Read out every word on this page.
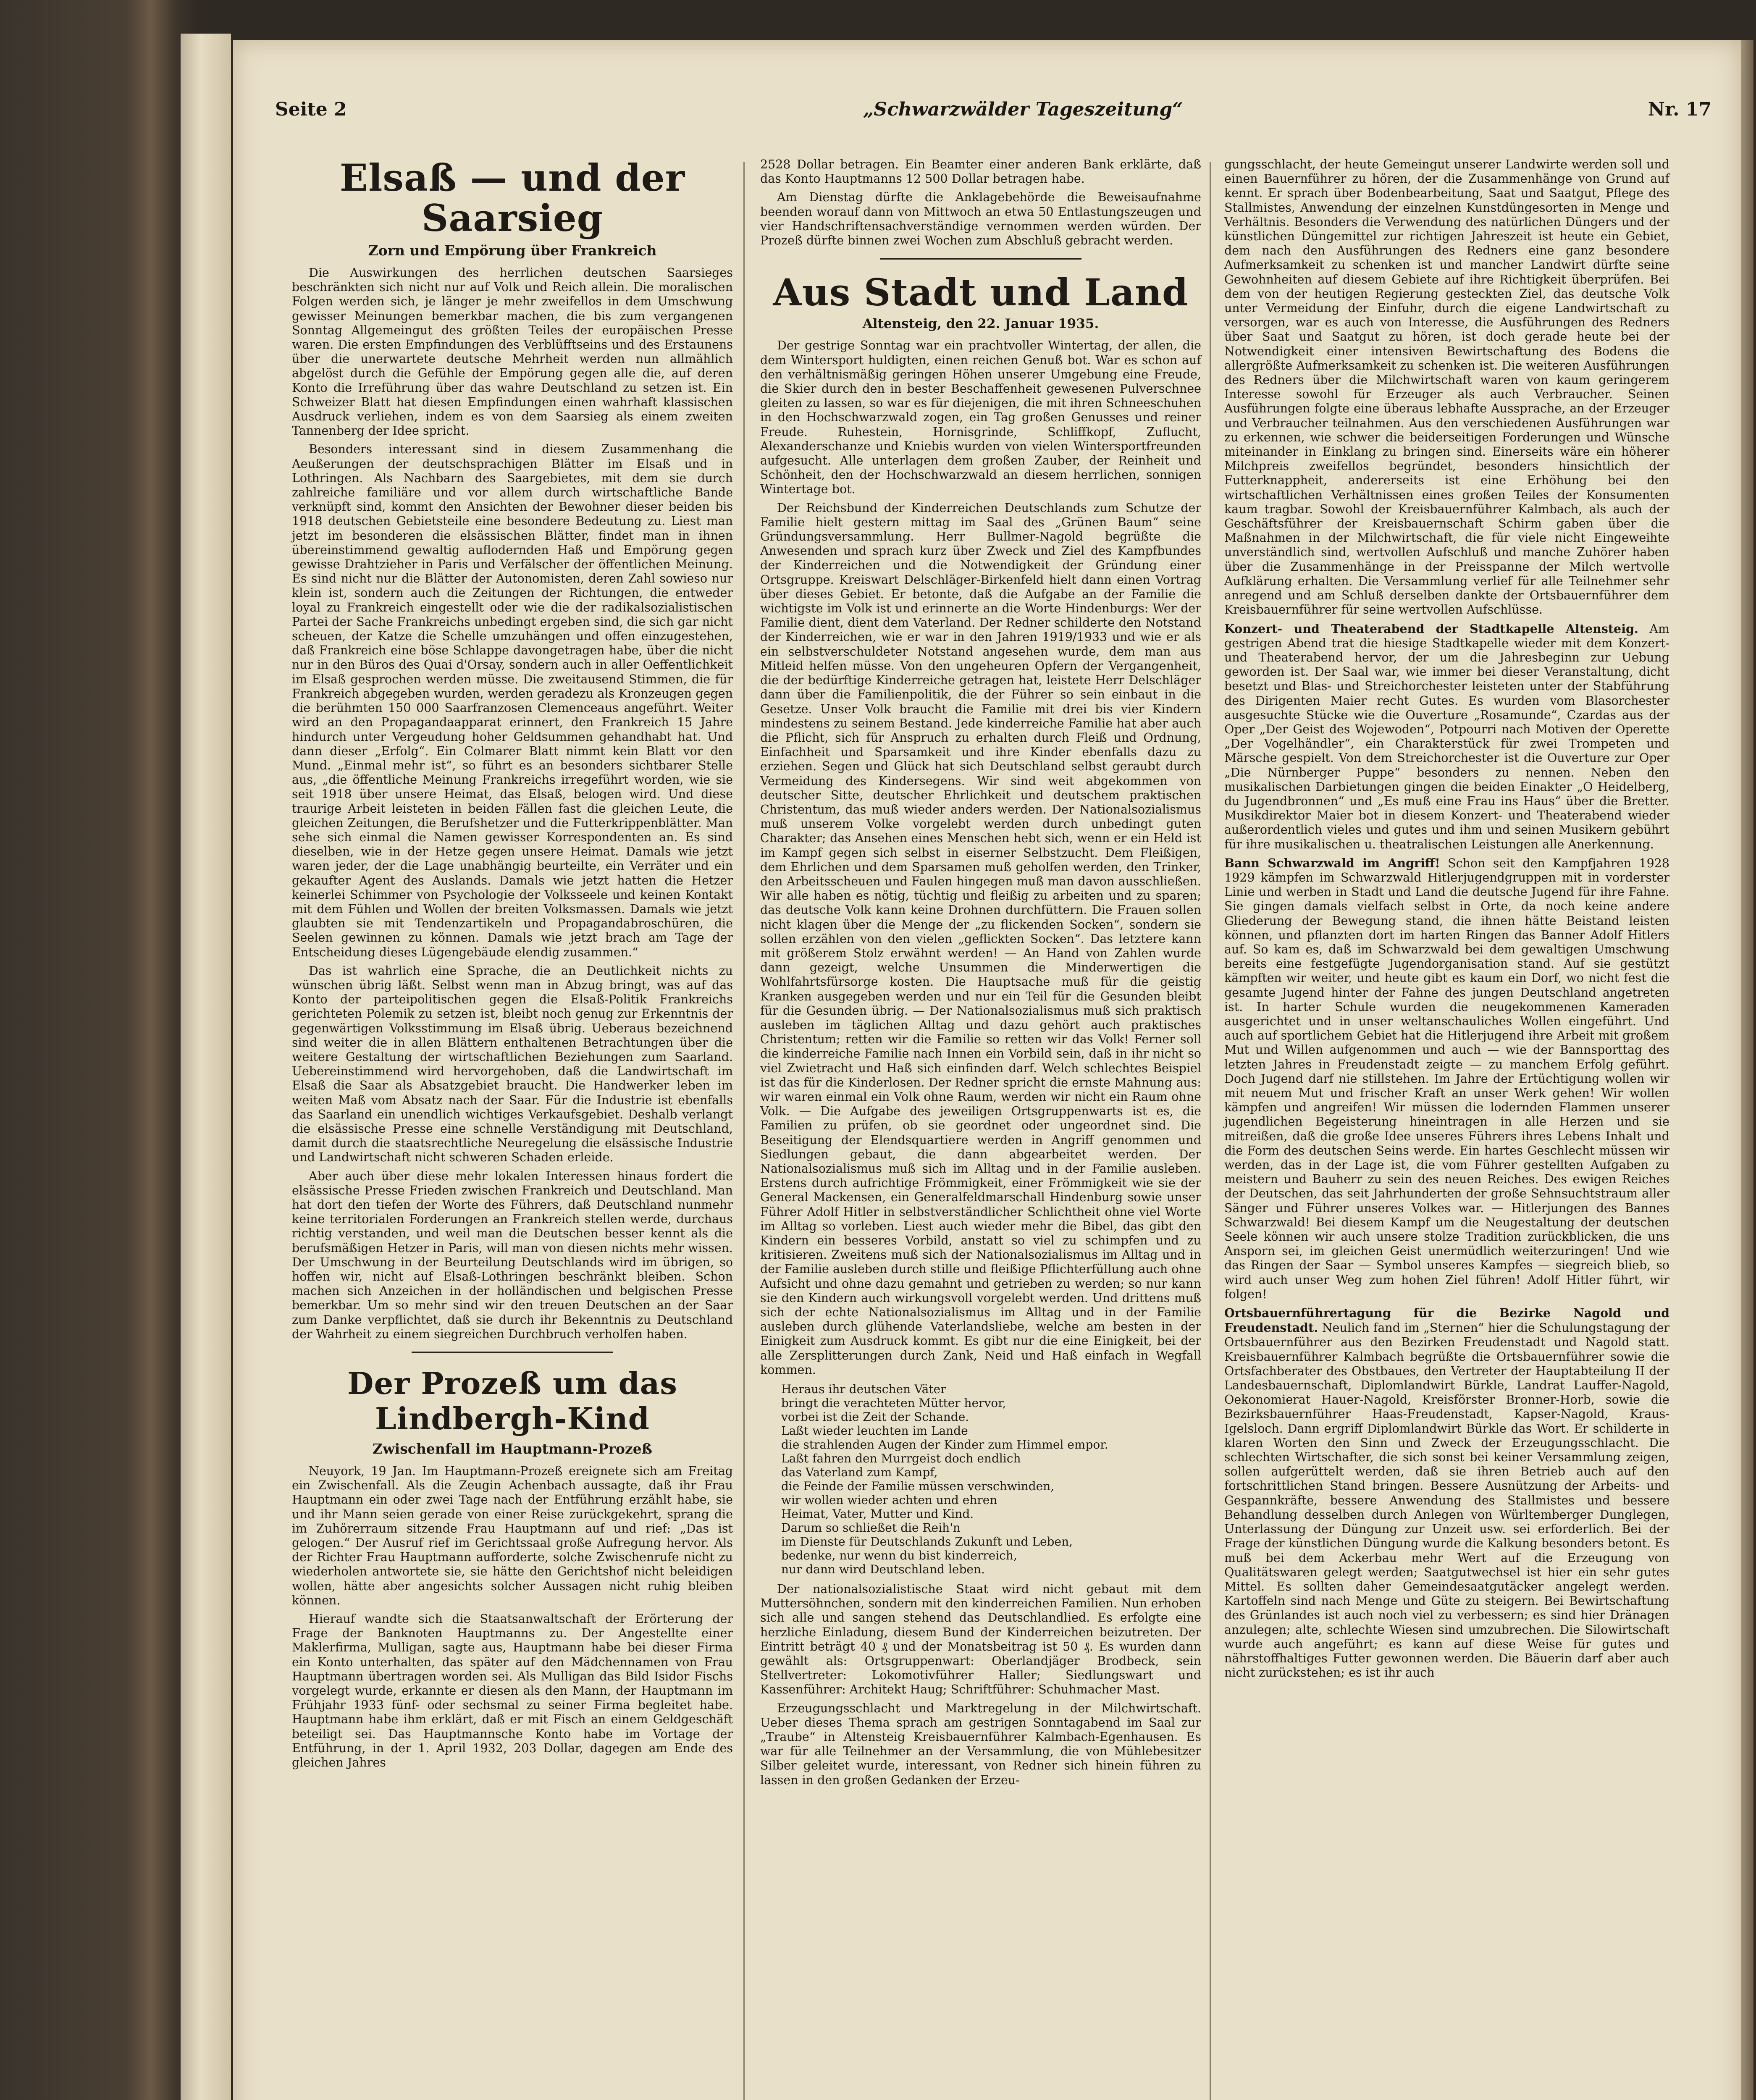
Seite 2	„Schwarzwälder Tageszeitung“	Nr. 17
Elsaß — und der Saarsieg
Zorn und Empörung über Frankreich

Die Auswirkungen des herrlichen deutschen Saarsieges beschränkten sich nicht nur auf Volk und Reich allein. Die moralischen Folgen werden sich, je länger je mehr zweifellos in dem Umschwung gewisser Meinungen bemerkbar machen, die bis zum vergangenen Sonntag Allgemeingut des größten Teiles der europäischen Presse waren. Die ersten Empfindungen des Verblüfftseins und des Erstaunens über die unerwartete deutsche Mehrheit werden nun allmählich abgelöst durch die Gefühle der Empörung gegen alle die, auf deren Konto die Irreführung über das wahre Deutschland zu setzen ist. Ein Schweizer Blatt hat diesen Empfindungen einen wahrhaft klassischen Ausdruck verliehen, indem es von dem Saarsieg als einem zweiten Tannenberg der Idee spricht.

Besonders interessant sind in diesem Zusammenhang die Aeußerungen der deutschsprachigen Blätter im Elsaß und in Lothringen. Als Nachbarn des Saargebietes, mit dem sie durch zahlreiche familiäre und vor allem durch wirtschaftliche Bande verknüpft sind, kommt den Ansichten der Bewohner dieser beiden bis 1918 deutschen Gebietsteile eine besondere Bedeutung zu. Liest man jetzt im besonderen die elsässischen Blätter, findet man in ihnen übereinstimmend gewaltig auflodernden Haß und Empörung gegen gewisse Drahtzieher in Paris und Verfälscher der öffentlichen Meinung. Es sind nicht nur die Blätter der Autonomisten, deren Zahl sowieso nur klein ist, sondern auch die Zeitungen der Richtungen, die entweder loyal zu Frankreich eingestellt oder wie die der radikalsozialistischen Partei der Sache Frankreichs unbedingt ergeben sind, die sich gar nicht scheuen, der Katze die Schelle umzuhängen und offen einzugestehen, daß Frankreich eine böse Schlappe davongetragen habe, über die nicht nur in den Büros des Quai d'Orsay, sondern auch in aller Oeffentlichkeit im Elsaß gesprochen werden müsse. Die zweitausend Stimmen, die für Frankreich abgegeben wurden, werden geradezu als Kronzeugen gegen die berühmten 150 000 Saarfranzosen Clemenceaus angeführt. Weiter wird an den Propagandaapparat erinnert, den Frankreich 15 Jahre hindurch unter Vergeudung hoher Geldsummen gehandhabt hat. Und dann dieser „Erfolg“. Ein Colmarer Blatt nimmt kein Blatt vor den Mund. „Einmal mehr ist“, so führt es an besonders sichtbarer Stelle aus, „die öffentliche Meinung Frankreichs irregeführt worden, wie sie seit 1918 über unsere Heimat, das Elsaß, belogen wird. Und diese traurige Arbeit leisteten in beiden Fällen fast die gleichen Leute, die gleichen Zeitungen, die Berufshetzer und die Futterkrippenblätter. Man sehe sich einmal die Namen gewisser Korrespondenten an. Es sind dieselben, wie in der Hetze gegen unsere Heimat. Damals wie jetzt waren jeder, der die Lage unabhängig beurteilte, ein Verräter und ein gekaufter Agent des Auslands. Damals wie jetzt hatten die Hetzer keinerlei Schimmer von Psychologie der Volksseele und keinen Kontakt mit dem Fühlen und Wollen der breiten Volksmassen. Damals wie jetzt glaubten sie mit Tendenzartikeln und Propagandabroschüren, die Seelen gewinnen zu können. Damals wie jetzt brach am Tage der Entscheidung dieses Lügengebäude elendig zusammen.“

Das ist wahrlich eine Sprache, die an Deutlichkeit nichts zu wünschen übrig läßt. Selbst wenn man in Abzug bringt, was auf das Konto der parteipolitischen gegen die Elsaß-Politik Frankreichs gerichteten Polemik zu setzen ist, bleibt noch genug zur Erkenntnis der gegenwärtigen Volksstimmung im Elsaß übrig. Ueberaus bezeichnend sind weiter die in allen Blättern enthaltenen Betrachtungen über die weitere Gestaltung der wirtschaftlichen Beziehungen zum Saarland. Uebereinstimmend wird hervorgehoben, daß die Landwirtschaft im Elsaß die Saar als Absatzgebiet braucht. Die Handwerker leben im weiten Maß vom Absatz nach der Saar. Für die Industrie ist ebenfalls das Saarland ein unendlich wichtiges Verkaufsgebiet. Deshalb verlangt die elsässische Presse eine schnelle Verständigung mit Deutschland, damit durch die staatsrechtliche Neuregelung die elsässische Industrie und Landwirtschaft nicht schweren Schaden erleide.

Aber auch über diese mehr lokalen Interessen hinaus fordert die elsässische Presse Frieden zwischen Frankreich und Deutschland. Man hat dort den tiefen der Worte des Führers, daß Deutschland nunmehr keine territorialen Forderungen an Frankreich stellen werde, durchaus richtig verstanden, und weil man die Deutschen besser kennt als die berufsmäßigen Hetzer in Paris, will man von diesen nichts mehr wissen. Der Umschwung in der Beurteilung Deutschlands wird im übrigen, so hoffen wir, nicht auf Elsaß-Lothringen beschränkt bleiben. Schon machen sich Anzeichen in der holländischen und belgischen Presse bemerkbar. Um so mehr sind wir den treuen Deutschen an der Saar zum Danke verpflichtet, daß sie durch ihr Bekenntnis zu Deutschland der Wahrheit zu einem siegreichen Durchbruch verholfen haben.

Der Prozeß um das Lindbergh-Kind
Zwischenfall im Hauptmann-Prozeß

Neuyork, 19 Jan. Im Hauptmann-Prozeß ereignete sich am Freitag ein Zwischenfall. Als die Zeugin Achenbach aussagte, daß ihr Frau Hauptmann ein oder zwei Tage nach der Entführung erzählt habe, sie und ihr Mann seien gerade von einer Reise zurückgekehrt, sprang die im Zuhörerraum sitzende Frau Hauptmann auf und rief: „Das ist gelogen.“ Der Ausruf rief im Gerichtssaal große Aufregung hervor. Als der Richter Frau Hauptmann aufforderte, solche Zwischenrufe nicht zu wiederholen antwortete sie, sie hätte den Gerichtshof nicht beleidigen wollen, hätte aber angesichts solcher Aussagen nicht ruhig bleiben können.

Hierauf wandte sich die Staatsanwaltschaft der Erörterung der Frage der Banknoten Hauptmanns zu. Der Angestellte einer Maklerfirma, Mulligan, sagte aus, Hauptmann habe bei dieser Firma ein Konto unterhalten, das später auf den Mädchennamen von Frau Hauptmann übertragen worden sei. Als Mulligan das Bild Isidor Fischs vorgelegt wurde, erkannte er diesen als den Mann, der Hauptmann im Frühjahr 1933 fünf- oder sechsmal zu seiner Firma begleitet habe. Hauptmann habe ihm erklärt, daß er mit Fisch an einem Geldgeschäft beteiligt sei. Das Hauptmannsche Konto habe im Vortage der Entführung, in der 1. April 1932, 203 Dollar, dagegen am Ende des gleichen Jahres

2528 Dollar betragen. Ein Beamter einer anderen Bank erklärte, daß das Konto Hauptmanns 12 500 Dollar betragen habe.

Am Dienstag dürfte die Anklagebehörde die Beweisaufnahme beenden worauf dann von Mittwoch an etwa 50 Entlastungszeugen und vier Handschriftensachverständige vernommen werden würden. Der Prozeß dürfte binnen zwei Wochen zum Abschluß gebracht werden.

Aus Stadt und Land
Altensteig, den 22. Januar 1935.

Der gestrige Sonntag war ein prachtvoller Wintertag, der allen, die dem Wintersport huldigten, einen reichen Genuß bot. War es schon auf den verhältnismäßig geringen Höhen unserer Umgebung eine Freude, die Skier durch den in bester Beschaffenheit gewesenen Pulverschnee gleiten zu lassen, so war es für diejenigen, die mit ihren Schneeschuhen in den Hochschwarzwald zogen, ein Tag großen Genusses und reiner Freude. Ruhestein, Hornisgrinde, Schliffkopf, Zuflucht, Alexanderschanze und Kniebis wurden von vielen Wintersportfreunden aufgesucht. Alle unterlagen dem großen Zauber, der Reinheit und Schönheit, den der Hochschwarzwald an diesem herrlichen, sonnigen Wintertage bot.

Der Reichsbund der Kinderreichen Deutschlands zum Schutze der Familie hielt gestern mittag im Saal des „Grünen Baum“ seine Gründungsversammlung. Herr Bullmer-Nagold begrüßte die Anwesenden und sprach kurz über Zweck und Ziel des Kampfbundes der Kinderreichen und die Notwendigkeit der Gründung einer Ortsgruppe. Kreiswart Delschläger-Birkenfeld hielt dann einen Vortrag über dieses Gebiet. Er betonte, daß die Aufgabe an der Familie die wichtigste im Volk ist und erinnerte an die Worte Hindenburgs: Wer der Familie dient, dient dem Vaterland. Der Redner schilderte den Notstand der Kinderreichen, wie er war in den Jahren 1919/1933 und wie er als ein selbstverschuldeter Notstand angesehen wurde, dem man aus Mitleid helfen müsse. Von den ungeheuren Opfern der Vergangenheit, die der bedürftige Kinderreiche getragen hat, leistete Herr Delschläger dann über die Familienpolitik, die der Führer so sein einbaut in die Gesetze. Unser Volk braucht die Familie mit drei bis vier Kindern mindestens zu seinem Bestand. Jede kinderreiche Familie hat aber auch die Pflicht, sich für Anspruch zu erhalten durch Fleiß und Ordnung, Einfachheit und Sparsamkeit und ihre Kinder ebenfalls dazu zu erziehen. Segen und Glück hat sich Deutschland selbst geraubt durch Vermeidung des Kindersegens. Wir sind weit abgekommen von deutscher Sitte, deutscher Ehrlichkeit und deutschem praktischen Christentum, das muß wieder anders werden. Der Nationalsozialismus muß unserem Volke vorgelebt werden durch unbedingt guten Charakter; das Ansehen eines Menschen hebt sich, wenn er ein Held ist im Kampf gegen sich selbst in eiserner Selbstzucht. Dem Fleißigen, dem Ehrlichen und dem Sparsamen muß geholfen werden, den Trinker, den Arbeitsscheuen und Faulen hingegen muß man davon ausschließen. Wir alle haben es nötig, tüchtig und fleißig zu arbeiten und zu sparen; das deutsche Volk kann keine Drohnen durchfüttern. Die Frauen sollen nicht klagen über die Menge der „zu flickenden Socken“, sondern sie sollen erzählen von den vielen „geflickten Socken“. Das letztere kann mit größerem Stolz erwähnt werden! — An Hand von Zahlen wurde dann gezeigt, welche Unsummen die Minderwertigen die Wohlfahrtsfürsorge kosten. Die Hauptsache muß für die geistig Kranken ausgegeben werden und nur ein Teil für die Gesunden bleibt für die Gesunden übrig. — Der Nationalsozialismus muß sich praktisch ausleben im täglichen Alltag und dazu gehört auch praktisches Christentum; retten wir die Familie so retten wir das Volk! Ferner soll die kinderreiche Familie nach Innen ein Vorbild sein, daß in ihr nicht so viel Zwietracht und Haß sich einfinden darf. Welch schlechtes Beispiel ist das für die Kinderlosen. Der Redner spricht die ernste Mahnung aus: wir waren einmal ein Volk ohne Raum, werden wir nicht ein Raum ohne Volk. — Die Aufgabe des jeweiligen Ortsgruppenwarts ist es, die Familien zu prüfen, ob sie geordnet oder ungeordnet sind. Die Beseitigung der Elendsquartiere werden in Angriff genommen und Siedlungen gebaut, die dann abgearbeitet werden. Der Nationalsozialismus muß sich im Alltag und in der Familie ausleben. Erstens durch aufrichtige Frömmigkeit, einer Frömmigkeit wie sie der General Mackensen, ein Generalfeldmarschall Hindenburg sowie unser Führer Adolf Hitler in selbstverständlicher Schlichtheit ohne viel Worte im Alltag so vorleben. Liest auch wieder mehr die Bibel, das gibt den Kindern ein besseres Vorbild, anstatt so viel zu schimpfen und zu kritisieren. Zweitens muß sich der Nationalsozialismus im Alltag und in der Familie ausleben durch stille und fleißige Pflichterfüllung auch ohne Aufsicht und ohne dazu gemahnt und getrieben zu werden; so nur kann sie den Kindern auch wirkungsvoll vorgelebt werden. Und drittens muß sich der echte Nationalsozialismus im Alltag und in der Familie ausleben durch glühende Vaterlandsliebe, welche am besten in der Einigkeit zum Ausdruck kommt. Es gibt nur die eine Einigkeit, bei der alle Zersplitterungen durch Zank, Neid und Haß einfach in Wegfall kommen.

Heraus ihr deutschen Väter
bringt die verachteten Mütter hervor,
vorbei ist die Zeit der Schande.
Laßt wieder leuchten im Lande
die strahlenden Augen der Kinder zum Himmel empor.
Laßt fahren den Murrgeist doch endlich
das Vaterland zum Kampf,
die Feinde der Familie müssen verschwinden,
wir wollen wieder achten und ehren
Heimat, Vater, Mutter und Kind.
Darum so schließet die Reih'n
im Dienste für Deutschlands Zukunft und Leben,
bedenke, nur wenn du bist kinderreich,
nur dann wird Deutschland leben.

Der nationalsozialistische Staat wird nicht gebaut mit dem Muttersöhnchen, sondern mit den kinderreichen Familien. Nun erhoben sich alle und sangen stehend das Deutschlandlied. Es erfolgte eine herzliche Einladung, diesem Bund der Kinderreichen beizutreten. Der Eintritt beträgt 40 ₰ und der Monatsbeitrag ist 50 ₰. Es wurden dann gewählt als: Ortsgruppenwart: Oberlandjäger Brodbeck, sein Stellvertreter: Lokomotivführer Haller; Siedlungswart und Kassenführer: Architekt Haug; Schriftführer: Schuhmacher Mast.

Erzeugungsschlacht und Marktregelung in der Milchwirtschaft. Ueber dieses Thema sprach am gestrigen Sonntagabend im Saal zur „Traube“ in Altensteig Kreisbauernführer Kalmbach-Egenhausen. Es war für alle Teilnehmer an der Versammlung, die von Mühlebesitzer Silber geleitet wurde, interessant, von Redner sich hinein führen zu lassen in den großen Gedanken der Erzeu-

gungsschlacht, der heute Gemeingut unserer Landwirte werden soll und einen Bauernführer zu hören, der die Zusammenhänge von Grund auf kennt. Er sprach über Bodenbearbeitung, Saat und Saatgut, Pflege des Stallmistes, Anwendung der einzelnen Kunstdüngesorten in Menge und Verhältnis. Besonders die Verwendung des natürlichen Düngers und der künstlichen Düngemittel zur richtigen Jahreszeit ist heute ein Gebiet, dem nach den Ausführungen des Redners eine ganz besondere Aufmerksamkeit zu schenken ist und mancher Landwirt dürfte seine Gewohnheiten auf diesem Gebiete auf ihre Richtigkeit überprüfen. Bei dem von der heutigen Regierung gesteckten Ziel, das deutsche Volk unter Vermeidung der Einfuhr, durch die eigene Landwirtschaft zu versorgen, war es auch von Interesse, die Ausführungen des Redners über Saat und Saatgut zu hören, ist doch gerade heute bei der Notwendigkeit einer intensiven Bewirtschaftung des Bodens die allergrößte Aufmerksamkeit zu schenken ist. Die weiteren Ausführungen des Redners über die Milchwirtschaft waren von kaum geringerem Interesse sowohl für Erzeuger als auch Verbraucher. Seinen Ausführungen folgte eine überaus lebhafte Aussprache, an der Erzeuger und Verbraucher teilnahmen. Aus den verschiedenen Ausführungen war zu erkennen, wie schwer die beiderseitigen Forderungen und Wünsche miteinander in Einklang zu bringen sind. Einerseits wäre ein höherer Milchpreis zweifellos begründet, besonders hinsichtlich der Futterknappheit, andererseits ist eine Erhöhung bei den wirtschaftlichen Verhältnissen eines großen Teiles der Konsumenten kaum tragbar. Sowohl der Kreisbauernführer Kalmbach, als auch der Geschäftsführer der Kreisbauernschaft Schirm gaben über die Maßnahmen in der Milchwirtschaft, die für viele nicht Eingeweihte unverständlich sind, wertvollen Aufschluß und manche Zuhörer haben über die Zusammenhänge in der Preisspanne der Milch wertvolle Aufklärung erhalten. Die Versammlung verlief für alle Teilnehmer sehr anregend und am Schluß derselben dankte der Ortsbauernführer dem Kreisbauernführer für seine wertvollen Aufschlüsse.

Konzert- und Theaterabend der Stadtkapelle Altensteig. Am gestrigen Abend trat die hiesige Stadtkapelle wieder mit dem Konzert- und Theaterabend hervor, der um die Jahresbeginn zur Uebung geworden ist. Der Saal war, wie immer bei dieser Veranstaltung, dicht besetzt und Blas- und Streichorchester leisteten unter der Stabführung des Dirigenten Maier recht Gutes. Es wurden vom Blasorchester ausgesuchte Stücke wie die Ouverture „Rosamunde“, Czardas aus der Oper „Der Geist des Wojewoden“, Potpourri nach Motiven der Operette „Der Vogelhändler“, ein Charakterstück für zwei Trompeten und Märsche gespielt. Von dem Streichorchester ist die Ouverture zur Oper „Die Nürnberger Puppe“ besonders zu nennen. Neben den musikalischen Darbietungen gingen die beiden Einakter „O Heidelberg, du Jugendbronnen“ und „Es muß eine Frau ins Haus“ über die Bretter. Musikdirektor Maier bot in diesem Konzert- und Theaterabend wieder außerordentlich vieles und gutes und ihm und seinen Musikern gebührt für ihre musikalischen u. theatralischen Leistungen alle Anerkennung.

Bann Schwarzwald im Angriff! Schon seit den Kampfjahren 1928 1929 kämpfen im Schwarzwald Hitlerjugendgruppen mit in vorderster Linie und werben in Stadt und Land die deutsche Jugend für ihre Fahne. Sie gingen damals vielfach selbst in Orte, da noch keine andere Gliederung der Bewegung stand, die ihnen hätte Beistand leisten können, und pflanzten dort im harten Ringen das Banner Adolf Hitlers auf. So kam es, daß im Schwarzwald bei dem gewaltigen Umschwung bereits eine festgefügte Jugendorganisation stand. Auf sie gestützt kämpften wir weiter, und heute gibt es kaum ein Dorf, wo nicht fest die gesamte Jugend hinter der Fahne des jungen Deutschland angetreten ist. In harter Schule wurden die neugekommenen Kameraden ausgerichtet und in unser weltanschauliches Wollen eingeführt. Und auch auf sportlichem Gebiet hat die Hitlerjugend ihre Arbeit mit großem Mut und Willen aufgenommen und auch — wie der Bannsporttag des letzten Jahres in Freudenstadt zeigte — zu manchem Erfolg geführt. Doch Jugend darf nie stillstehen. Im Jahre der Ertüchtigung wollen wir mit neuem Mut und frischer Kraft an unser Werk gehen! Wir wollen kämpfen und angreifen! Wir müssen die lodernden Flammen unserer jugendlichen Begeisterung hineintragen in alle Herzen und sie mitreißen, daß die große Idee unseres Führers ihres Lebens Inhalt und die Form des deutschen Seins werde. Ein hartes Geschlecht müssen wir werden, das in der Lage ist, die vom Führer gestellten Aufgaben zu meistern und Bauherr zu sein des neuen Reiches. Des ewigen Reiches der Deutschen, das seit Jahrhunderten der große Sehnsuchtstraum aller Sänger und Führer unseres Volkes war. — Hitlerjungen des Bannes Schwarzwald! Bei diesem Kampf um die Neugestaltung der deutschen Seele können wir auch unsere stolze Tradition zurückblicken, die uns Ansporn sei, im gleichen Geist unermüdlich weiterzuringen! Und wie das Ringen der Saar — Symbol unseres Kampfes — siegreich blieb, so wird auch unser Weg zum hohen Ziel führen! Adolf Hitler führt, wir folgen!

Ortsbauernführertagung für die Bezirke Nagold und Freudenstadt. Neulich fand im „Sternen“ hier die Schulungstagung der Ortsbauernführer aus den Bezirken Freudenstadt und Nagold statt. Kreisbauernführer Kalmbach begrüßte die Ortsbauernführer sowie die Ortsfachberater des Obstbaues, den Vertreter der Hauptabteilung II der Landesbauernschaft, Diplomlandwirt Bürkle, Landrat Lauffer-Nagold, Oekonomierat Hauer-Nagold, Kreisförster Bronner-Horb, sowie die Bezirksbauernführer Haas-Freudenstadt, Kapser-Nagold, Kraus-Igelsloch. Dann ergriff Diplomlandwirt Bürkle das Wort. Er schilderte in klaren Worten den Sinn und Zweck der Erzeugungsschlacht. Die schlechten Wirtschafter, die sich sonst bei keiner Versammlung zeigen, sollen aufgerüttelt werden, daß sie ihren Betrieb auch auf den fortschrittlichen Stand bringen. Bessere Ausnützung der Arbeits- und Gespannkräfte, bessere Anwendung des Stallmistes und bessere Behandlung desselben durch Anlegen von Würltemberger Dunglegen, Unterlassung der Düngung zur Unzeit usw. sei erforderlich. Bei der Frage der künstlichen Düngung wurde die Kalkung besonders betont. Es muß bei dem Ackerbau mehr Wert auf die Erzeugung von Qualitätswaren gelegt werden; Saatgutwechsel ist hier ein sehr gutes Mittel. Es sollten daher Gemeindesaatgutäcker angelegt werden. Kartoffeln sind nach Menge und Güte zu steigern. Bei Bewirtschaftung des Grünlandes ist auch noch viel zu verbessern; es sind hier Dränagen anzulegen; alte, schlechte Wiesen sind umzubrechen. Die Silowirtschaft wurde auch angeführt; es kann auf diese Weise für gutes und nährstoffhaltiges Futter gewonnen werden. Die Bäuerin darf aber auch nicht zurückstehen; es ist ihr auch
